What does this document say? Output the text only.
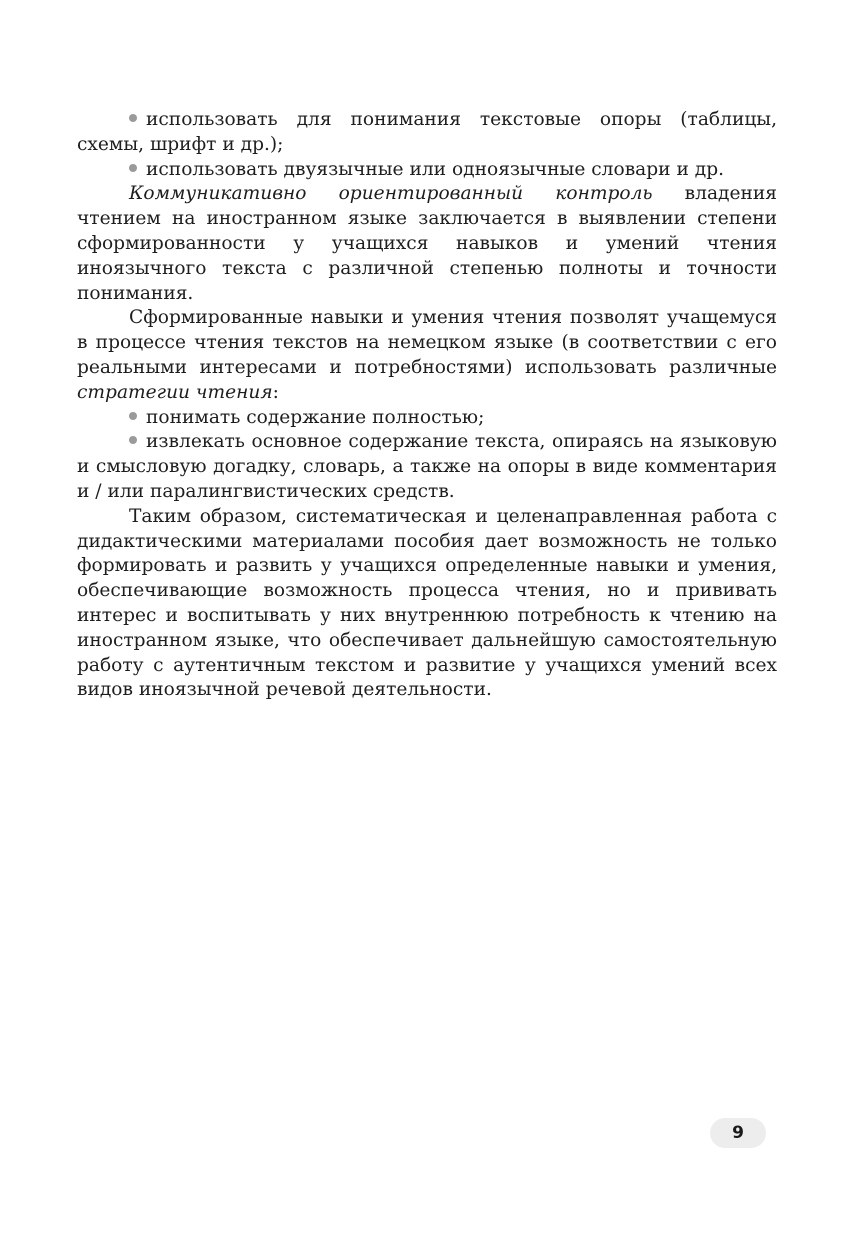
использовать для понимания текстовые опоры (таблицы, схемы, шрифт и др.);

использовать двуязычные или одноязычные словари и др.

Коммуникативно ориентированный контроль владения чтением на иностранном языке заключается в выявлении степени сформированности у учащихся навыков и умений чтения иноязычного текста с различной степенью полноты и точности понимания.

Сформированные навыки и умения чтения позволят учащемуся в процессе чтения текстов на немецком языке (в соответствии с его реальными интересами и потребностями) использовать различные стратегии чтения:

понимать содержание полностью;

извлекать основное содержание текста, опираясь на языковую и смысловую догадку, словарь, а также на опоры в виде комментария и / или паралингвистических средств.

Таким образом, систематическая и целенаправленная работа с дидактическими материалами пособия дает возможность не только формировать и развить у учащихся определенные навыки и умения, обеспечивающие возможность процесса чтения, но и прививать интерес и воспитывать у них внутреннюю потребность к чтению на иностранном языке, что обеспечивает дальнейшую самостоятельную работу с аутентичным текстом и развитие у учащихся умений всех видов иноязычной речевой деятельности.

9
